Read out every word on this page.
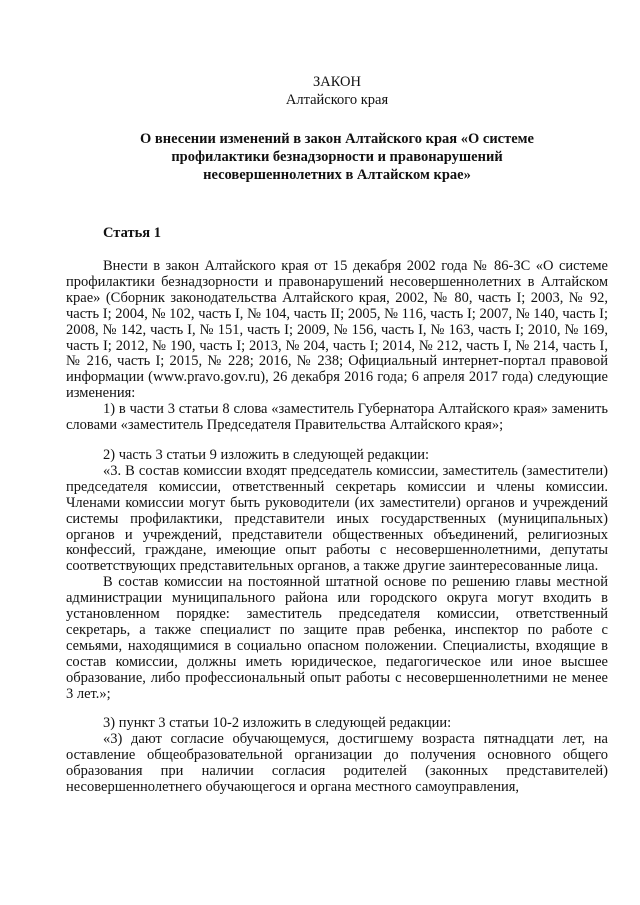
ЗАКОН

Алтайского края

О внесении изменений в закон Алтайского края «О системе профилактики безнадзорности и правонарушений несовершеннолетних в Алтайском крае»

Статья 1

Внести в закон Алтайского края от 15 декабря 2002 года № 86-ЗС «О системе профилактики безнадзорности и правонарушений несовершеннолетних в Алтайском крае» (Сборник законодательства Алтайского края, 2002, № 80, часть I; 2003, № 92, часть I; 2004, № 102, часть I, № 104, часть II; 2005, № 116, часть I; 2007, № 140, часть I; 2008, № 142, часть I, № 151, часть I; 2009, № 156, часть I, № 163, часть I; 2010, № 169, часть I; 2012, № 190, часть I; 2013, № 204, часть I; 2014, № 212, часть I, № 214, часть I, № 216, часть I; 2015, № 228; 2016, № 238; Официальный интернет-портал правовой информации (www.pravo.gov.ru), 26 декабря 2016 года; 6 апреля 2017 года) следующие изменения:

1) в части 3 статьи 8 слова «заместитель Губернатора Алтайского края» заменить словами «заместитель Председателя Правительства Алтайского края»;

2) часть 3 статьи 9 изложить в следующей редакции:

«3. В состав комиссии входят председатель комиссии, заместитель (заместители) председателя комиссии, ответственный секретарь комиссии и члены комиссии. Членами комиссии могут быть руководители (их заместители) органов и учреждений системы профилактики, представители иных государственных (муниципальных) органов и учреждений, представители общественных объединений, религиозных конфессий, граждане, имеющие опыт работы с несовершеннолетними, депутаты соответствующих представительных органов, а также другие заинтересованные лица.

В состав комиссии на постоянной штатной основе по решению главы местной администрации муниципального района или городского округа могут входить в установленном порядке: заместитель председателя комиссии, ответственный секретарь, а также специалист по защите прав ребенка, инспектор по работе с семьями, находящимися в социально опасном положении. Специалисты, входящие в состав комиссии, должны иметь юридическое, педагогическое или иное высшее образование, либо профессиональный опыт работы с несовершеннолетними не менее 3 лет.»;

3) пункт 3 статьи 10-2 изложить в следующей редакции:

«3) дают согласие обучающемуся, достигшему возраста пятнадцати лет, на оставление общеобразовательной организации до получения основного общего образования при наличии согласия родителей (законных представителей) несовершеннолетнего обучающегося и органа местного самоуправления,
